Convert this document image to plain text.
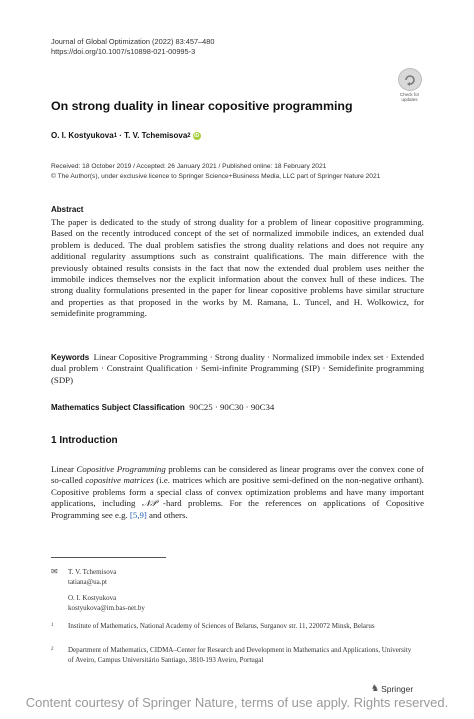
Journal of Global Optimization (2022) 83:457–480
https://doi.org/10.1007/s10898-021-00995-3
Check for
updates
On strong duality in linear copositive programming
O. I. Kostyukova 1 · T. V. Tchemisova 2 iD
Received: 18 October 2019 / Accepted: 26 January 2021 / Published online: 18 February 2021
© The Author(s), under exclusive licence to Springer Science+Business Media, LLC part of Springer Nature 2021
Abstract

The paper is dedicated to the study of strong duality for a problem of linear copositive programming. Based on the recently introduced concept of the set of normalized immobile indices, an extended dual problem is deduced. The dual problem satisfies the strong duality relations and does not require any additional regularity assumptions such as constraint qualifications. The main difference with the previously obtained results consists in the fact that now the extended dual problem uses neither the immobile indices themselves nor the explicit information about the convex hull of these indices. The strong duality formulations presented in the paper for linear copositive problems have similar structure and properties as that proposed in the works by M. Ramana, L. Tuncel, and H. Wolkowicz, for semidefinite programming.

Keywords Linear Copositive Programming · Strong duality · Normalized immobile index set · Extended dual problem · Constraint Qualification · Semi-infinite Programming (SIP) · Semidefinite programming (SDP)

Mathematics Subject Classification 90C25 · 90C30 · 90C34
1 Introduction

Linear Copositive Programming problems can be considered as linear programs over the convex cone of so-called copositive matrices (i.e. matrices which are positive semi-defined on the non-negative orthant). Copositive problems form a special class of convex optimization problems and have many important applications, including 𝒩𝒫 -hard problems. For the references on applications of Copositive Programming see e.g. [5,9] and others.

✉ T. V. Tchemisova
tatiana@ua.pt
O. I. Kostyukova
kostyukova@im.bas-net.by
1 Institute of Mathematics, National Academy of Sciences of Belarus, Surganov str. 11, 220072 Minsk, Belarus
2 Department of Mathematics, CIDMA–Center for Research and Development in Mathematics and Applications, University of Aveiro, Campus Universitário Santiago, 3810-193 Aveiro, Portugal
♞ Springer
Content courtesy of Springer Nature, terms of use apply. Rights reserved.
